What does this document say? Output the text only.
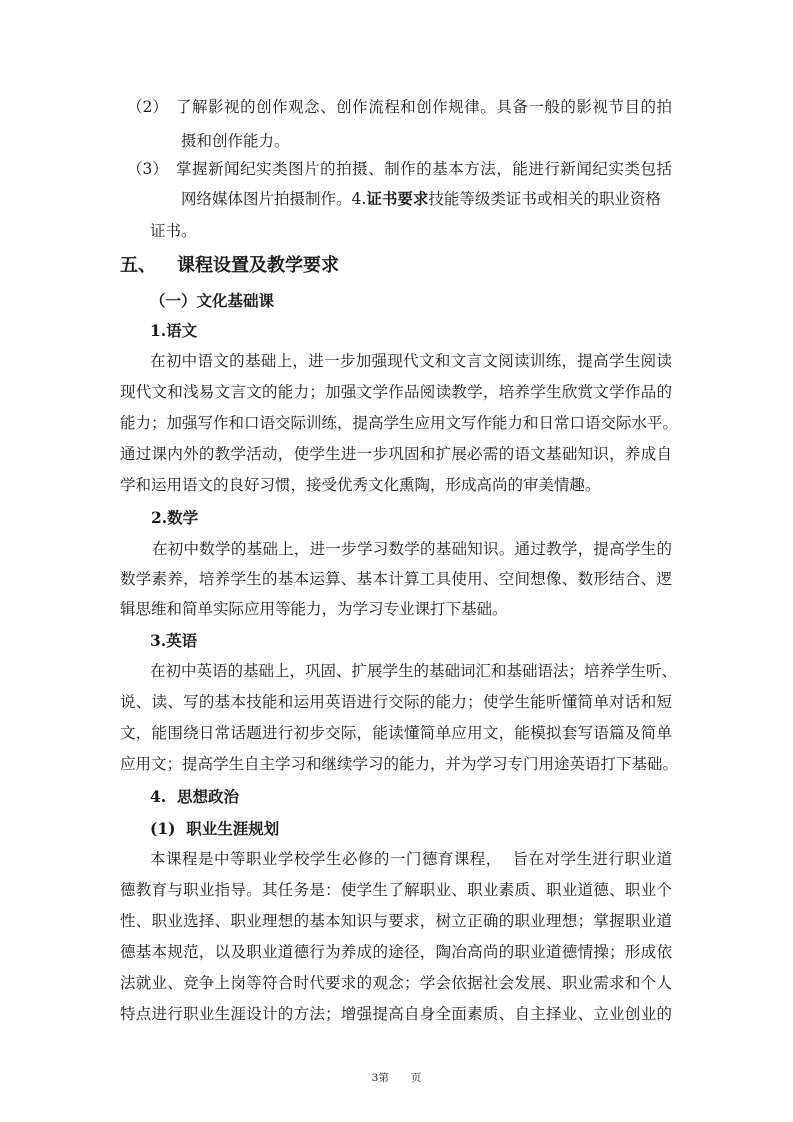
（2） 了解影视的创作观念、创作流程和创作规律。具备一般的影视节目的拍
摄和创作能力。
（3） 掌握新闻纪实类图片的拍摄、制作的基本方法，能进行新闻纪实类包括
网络媒体图片拍摄制作。4.证书要求技能等级类证书或相关的职业资格
证书。
五、 课程设置及教学要求
（一）文化基础课
1.语文
在初中语文的基础上，进一步加强现代文和文言文阅读训练，提高学生阅读
现代文和浅易文言文的能力；加强文学作品阅读教学，培养学生欣赏文学作品的
能力；加强写作和口语交际训练，提高学生应用文写作能力和日常口语交际水平。
通过课内外的教学活动，使学生进一步巩固和扩展必需的语文基础知识，养成自
学和运用语文的良好习惯，接受优秀文化熏陶，形成高尚的审美情趣。
2.数学
在初中数学的基础上，进一步学习数学的基础知识。通过教学，提高学生的
数学素养，培养学生的基本运算、基本计算工具使用、空间想像、数形结合、逻
辑思维和简单实际应用等能力，为学习专业课打下基础。
3.英语
在初中英语的基础上，巩固、扩展学生的基础词汇和基础语法；培养学生听、
说、读、写的基本技能和运用英语进行交际的能力；使学生能听懂简单对话和短
文，能围绕日常话题进行初步交际，能读懂简单应用文，能模拟套写语篇及简单
应用文；提高学生自主学习和继续学习的能力，并为学习专门用途英语打下基础。
4.  思想政治
(1)  职业生涯规划
本课程是中等职业学校学生必修的一门德育课程，  旨在对学生进行职业道
德教育与职业指导。其任务是：使学生了解职业、职业素质、职业道德、职业个
性、职业选择、职业理想的基本知识与要求，树立正确的职业理想；掌握职业道
德基本规范，以及职业道德行为养成的途径，陶冶高尚的职业道德情操；形成依
法就业、竞争上岗等符合时代要求的观念；学会依据社会发展、职业需求和个人
特点进行职业生涯设计的方法；增强提高自身全面素质、自主择业、立业创业的
3第 页
